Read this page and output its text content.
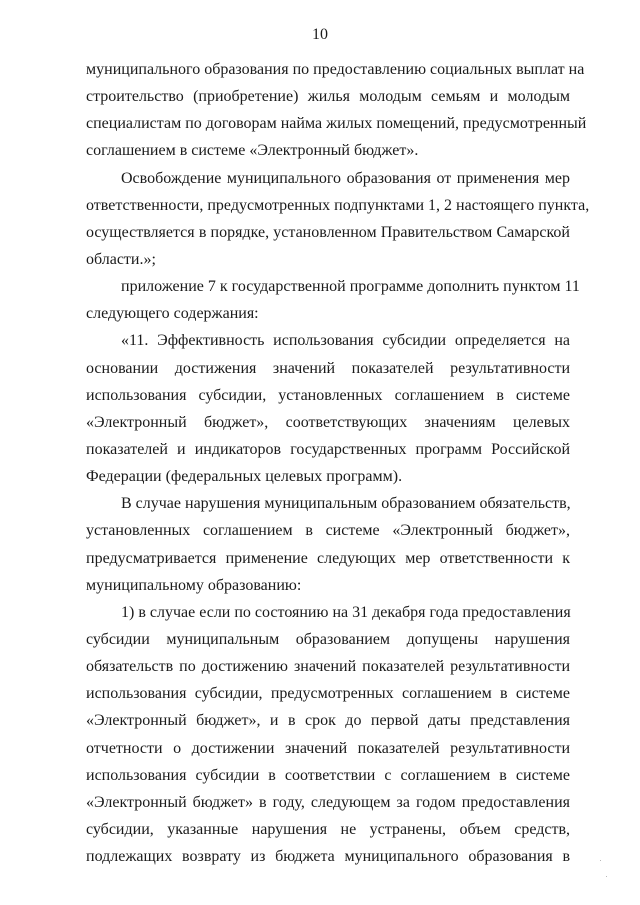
10
муниципального образования по предоставлению социальных выплат на
строительство (приобретение) жилья молодым семьям и молодым
специалистам по договорам найма жилых помещений, предусмотренный
соглашением в системе «Электронный бюджет».
Освобождение муниципального образования от применения мер
ответственности, предусмотренных подпунктами 1, 2 настоящего пункта,
осуществляется в порядке, установленном Правительством Самарской
области.»;
приложение 7 к государственной программе дополнить пунктом 11
следующего содержания:
«11. Эффективность использования субсидии определяется на
основании достижения значений показателей результативности
использования субсидии, установленных соглашением в системе
«Электронный бюджет», соответствующих значениям целевых
показателей и индикаторов государственных программ Российской
Федерации (федеральных целевых программ).
В случае нарушения муниципальным образованием обязательств,
установленных соглашением в системе «Электронный бюджет»,
предусматривается применение следующих мер ответственности к
муниципальному образованию:
1) в случае если по состоянию на 31 декабря года предоставления
субсидии муниципальным образованием допущены нарушения
обязательств по достижению значений показателей результативности
использования субсидии, предусмотренных соглашением в системе
«Электронный бюджет», и в срок до первой даты представления
отчетности о достижении значений показателей результативности
использования субсидии в соответствии с соглашением в системе
«Электронный бюджет» в году, следующем за годом предоставления
субсидии, указанные нарушения не устранены, объем средств,
подлежащих возврату из бюджета муниципального образования в
